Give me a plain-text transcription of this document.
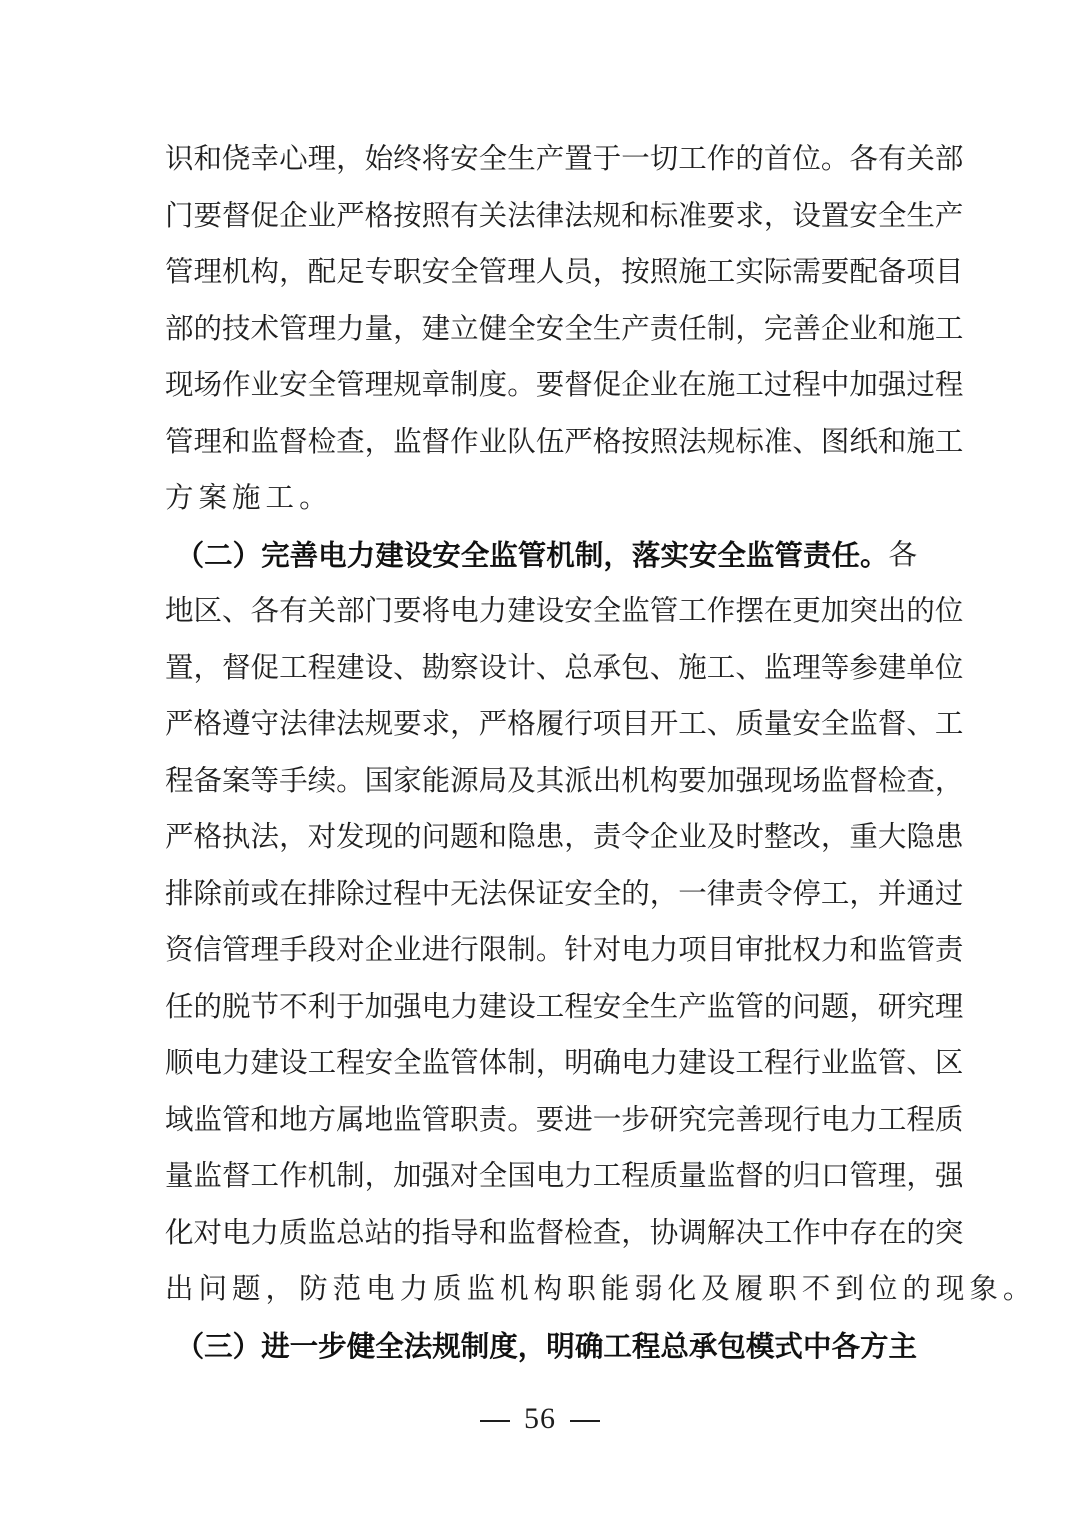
识 和 侥 幸 心 理 ， 始 终 将 安 全 生 产 置 于 一 切 工 作 的 首 位 。 各 有 关 部
门 要 督 促 企 业 严 格 按 照 有 关 法 律 法 规 和 标 准 要 求 ， 设 置 安 全 生 产
管 理 机 构 ， 配 足 专 职 安 全 管 理 人 员 ， 按 照 施 工 实 际 需 要 配 备 项 目
部 的 技 术 管 理 力 量 ， 建 立 健 全 安 全 生 产 责 任 制 ， 完 善 企 业 和 施 工
现 场 作 业 安 全 管 理 规 章 制 度 。 要 督 促 企 业 在 施 工 过 程 中 加 强 过 程
管 理 和 监 督 检 查 ， 监 督 作 业 队 伍 严 格 按 照 法 规 标 准 、 图 纸 和 施 工
方 案 施 工 。
（ 二 ） 完 善 电 力 建 设 安 全 监 管 机 制 ， 落 实 安 全 监 管 责 任 。 各
地 区 、 各 有 关 部 门 要 将 电 力 建 设 安 全 监 管 工 作 摆 在 更 加 突 出 的 位
置 ， 督 促 工 程 建 设 、 勘 察 设 计 、 总 承 包 、 施 工 、 监 理 等 参 建 单 位
严 格 遵 守 法 律 法 规 要 求 ， 严 格 履 行 项 目 开 工 、 质 量 安 全 监 督 、 工
程 备 案 等 手 续 。 国 家 能 源 局 及 其 派 出 机 构 要 加 强 现 场 监 督 检 查 ，
严 格 执 法 ， 对 发 现 的 问 题 和 隐 患 ， 责 令 企 业 及 时 整 改 ， 重 大 隐 患
排 除 前 或 在 排 除 过 程 中 无 法 保 证 安 全 的 ， 一 律 责 令 停 工 ， 并 通 过
资 信 管 理 手 段 对 企 业 进 行 限 制 。 针 对 电 力 项 目 审 批 权 力 和 监 管 责
任 的 脱 节 不 利 于 加 强 电 力 建 设 工 程 安 全 生 产 监 管 的 问 题 ， 研 究 理
顺 电 力 建 设 工 程 安 全 监 管 体 制 ， 明 确 电 力 建 设 工 程 行 业 监 管 、 区
域 监 管 和 地 方 属 地 监 管 职 责 。 要 进 一 步 研 究 完 善 现 行 电 力 工 程 质
量 监 督 工 作 机 制 ， 加 强 对 全 国 电 力 工 程 质 量 监 督 的 归 口 管 理 ， 强
化 对 电 力 质 监 总 站 的 指 导 和 监 督 检 查 ， 协 调 解 决 工 作 中 存 在 的 突
出 问 题 ， 防 范 电 力 质 监 机 构 职 能 弱 化 及 履 职 不 到 位 的 现 象 。
（ 三 ） 进 一 步 健 全 法 规 制 度 ， 明 确 工 程 总 承 包 模 式 中 各 方 主
56
